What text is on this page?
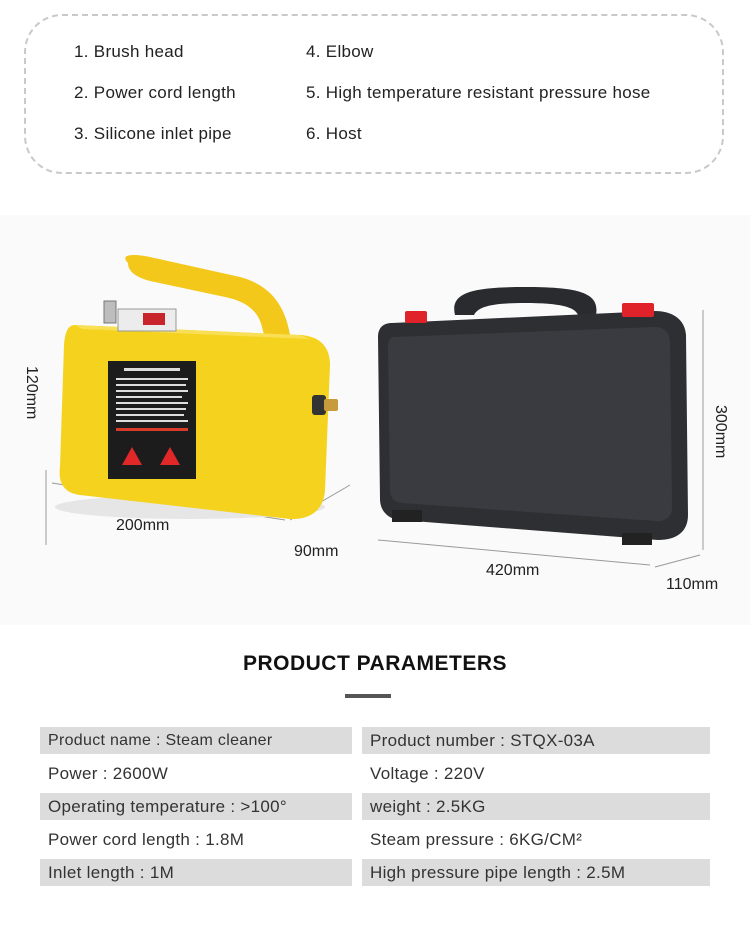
1. Brush head
2. Power cord length
3. Silicone inlet pipe
4. Elbow
5. High temperature resistant pressure hose
6. Host
120mm
200mm
90mm
300mm
420mm
110mm
PRODUCT PARAMETERS
Product name : Steam cleaner
Power : 2600W
Operating temperature : >100°
Power cord length : 1.8M
Inlet length : 1M
Product number : STQX-03A
Voltage : 220V
weight : 2.5KG
Steam pressure : 6KG/CM²
High pressure pipe length : 2.5M
